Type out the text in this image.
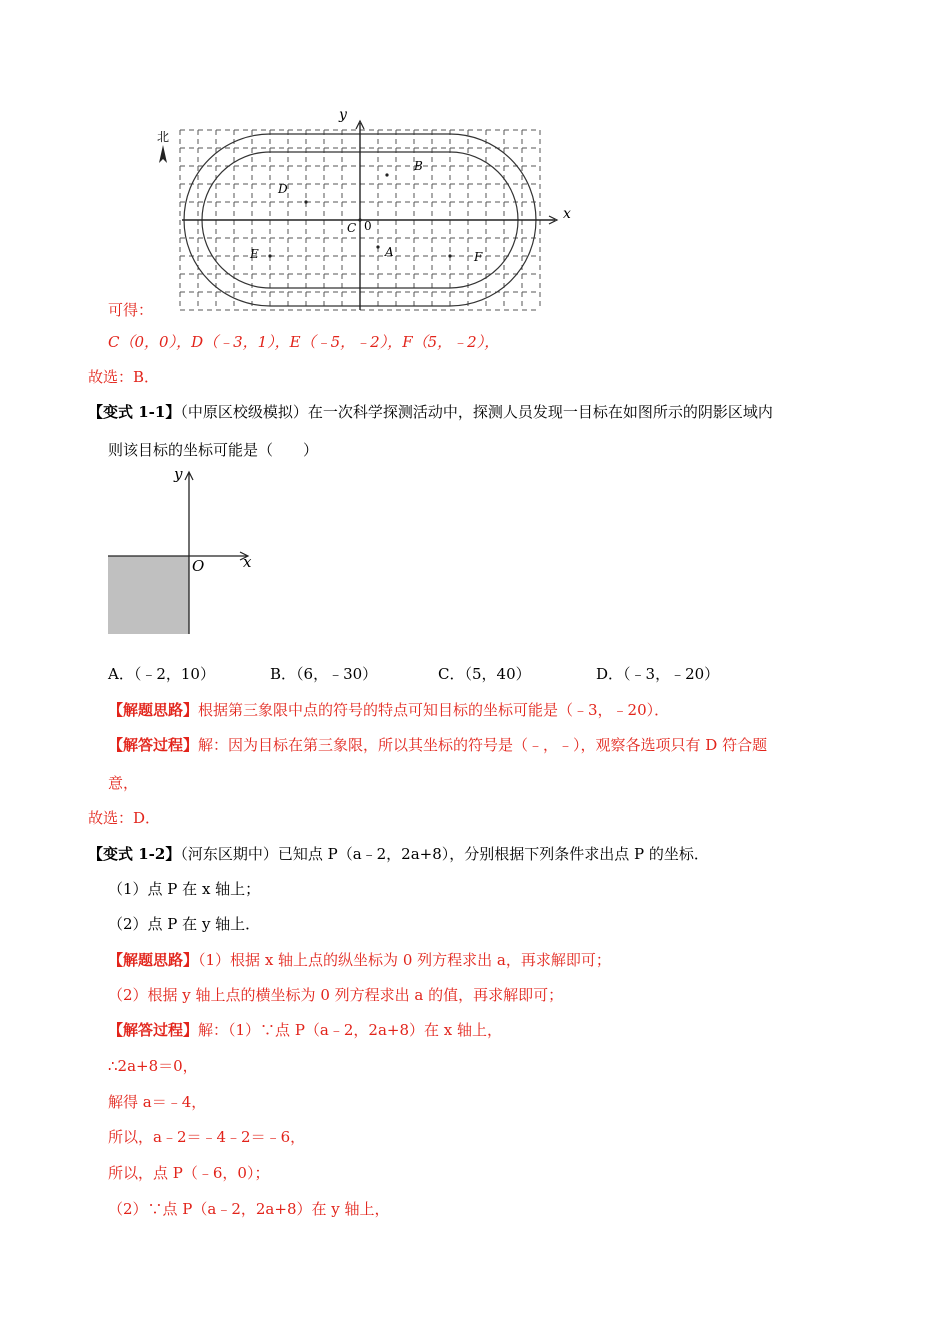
y
x
0
北
B
D
C
A
E	F
可得：
C（0，0），D（﹣3，1），E（﹣5，﹣2），F（5，﹣2），
故选：B．
【变式 1-1】（中原区校级模拟）在一次科学探测活动中，探测人员发现一目标在如图所示的阴影区域内
则该目标的坐标可能是（　　）
y
x
O
A．（﹣2，10）	B．（6，﹣30）	C．（5，40）	D．（﹣3，﹣20）
【解题思路】根据第三象限中点的符号的特点可知目标的坐标可能是（﹣3，﹣20）．
【解答过程】解：因为目标在第三象限，所以其坐标的符号是（﹣，﹣），观察各选项只有 D 符合题
意，
故选：D．
【变式 1-2】（河东区期中）已知点 P（a﹣2，2a+8），分别根据下列条件求出点 P 的坐标．
（1）点 P 在 x 轴上；
（2）点 P 在 y 轴上．
【解题思路】（1）根据 x 轴上点的纵坐标为 0 列方程求出 a，再求解即可；
（2）根据 y 轴上点的横坐标为 0 列方程求出 a 的值，再求解即可；
【解答过程】解：（1）∵点 P（a﹣2，2a+8）在 x 轴上，
∴2a+8＝0，
解得 a＝﹣4，
所以，a﹣2＝﹣4﹣2＝﹣6，
所以，点 P（﹣6，0）；
（2）∵点 P（a﹣2，2a+8）在 y 轴上，
